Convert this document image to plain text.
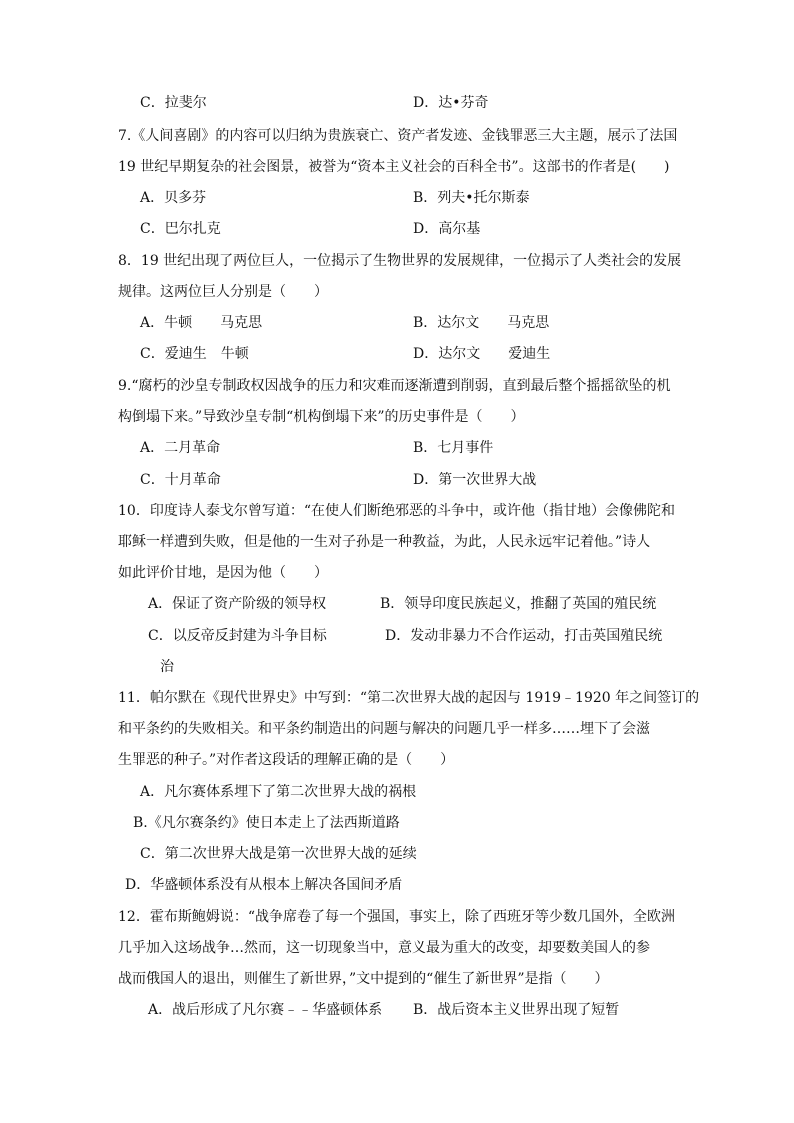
C．拉斐尔	D．达•芬奇
7.《人间喜剧》的内容可以归纳为贵族衰亡、资产者发迹、金钱罪恶三大主题，展示了法国
19 世纪早期复杂的社会图景，被誉为“资本主义社会的百科全书”。这部书的作者是(　　)
A．贝多芬	B．列夫•托尔斯泰
C．巴尔扎克	D．高尔基
8．19 世纪出现了两位巨人，一位揭示了生物世界的发展规律，一位揭示了人类社会的发展
规律。这两位巨人分别是（　　）
A．牛顿　　马克思	B．达尔文　　马克思
C．爱迪生　牛顿	D．达尔文　　爱迪生
9.“腐朽的沙皇专制政权因战争的压力和灾难而逐渐遭到削弱，直到最后整个摇摇欲坠的机
构倒塌下来。”导致沙皇专制“机构倒塌下来”的历史事件是（　　）
A．二月革命	B．七月事件
C．十月革命	D．第一次世界大战
10．印度诗人泰戈尔曾写道：“在使人们断绝邪恶的斗争中，或许他（指甘地）会像佛陀和
耶稣一样遭到失败，但是他的一生对子孙是一种教益，为此，人民永远牢记着他。”诗人
如此评价甘地，是因为他（　　）
A．保证了资产阶级的领导权	B．领导印度民族起义，推翻了英国的殖民统
C．以反帝反封建为斗争目标	D．发动非暴力不合作运动，打击英国殖民统
治
11．帕尔默在《现代世界史》中写到：“第二次世界大战的起因与 1919﹣1920 年之间签订的
和平条约的失败相关。和平条约制造出的问题与解决的问题几乎一样多……埋下了会滋
生罪恶的种子。”对作者这段话的理解正确的是（　　）
A．凡尔赛体系埋下了第二次世界大战的祸根
B.《凡尔赛条约》使日本走上了法西斯道路
C．第二次世界大战是第一次世界大战的延续
D．华盛顿体系没有从根本上解决各国间矛盾
12．霍布斯鲍姆说：“战争席卷了每一个强国，事实上，除了西班牙等少数几国外，全欧洲
几乎加入这场战争…然而，这一切现象当中，意义最为重大的改变，却要数美国人的参
战而俄国人的退出，则催生了新世界，”文中提到的“催生了新世界”是指（　　）
A．战后形成了凡尔赛﹣﹣华盛顿体系 B．战后资本主义世界出现了短暂
